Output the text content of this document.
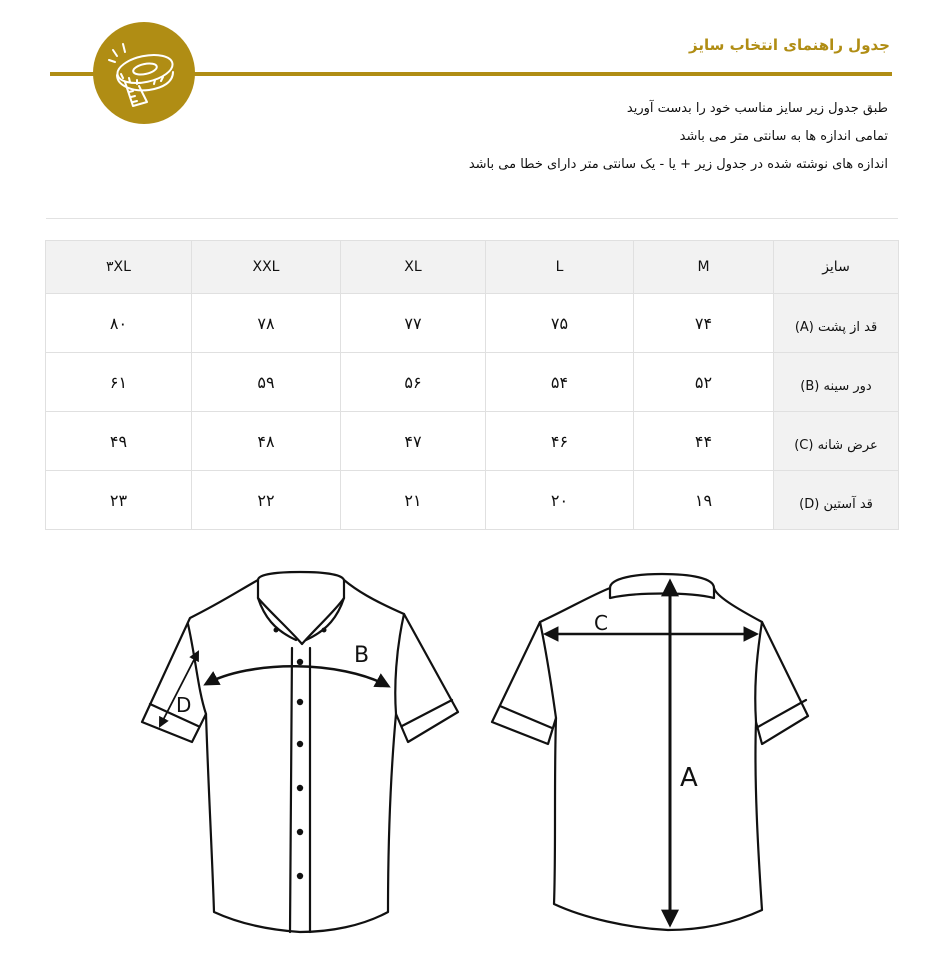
جدول راهنمای انتخاب سایز
طبق جدول زیر سایز مناسب خود را بدست آورید
تمامی اندازه ها به سانتی متر می باشد
اندازه های نوشته شده در جدول زیر + یا - یک سانتی متر دارای خطا می باشد
۳XL	XXL	XL	L	M	سایز
۸۰	۷۸	۷۷	۷۵	۷۴	قد از پشت (A)
۶۱	۵۹	۵۶	۵۴	۵۲	دور سینه (B)
۴۹	۴۸	۴۷	۴۶	۴۴	عرض شانه (C)
۲۳	۲۲	۲۱	۲۰	۱۹	قد آستین (D)
B
D
A
C
